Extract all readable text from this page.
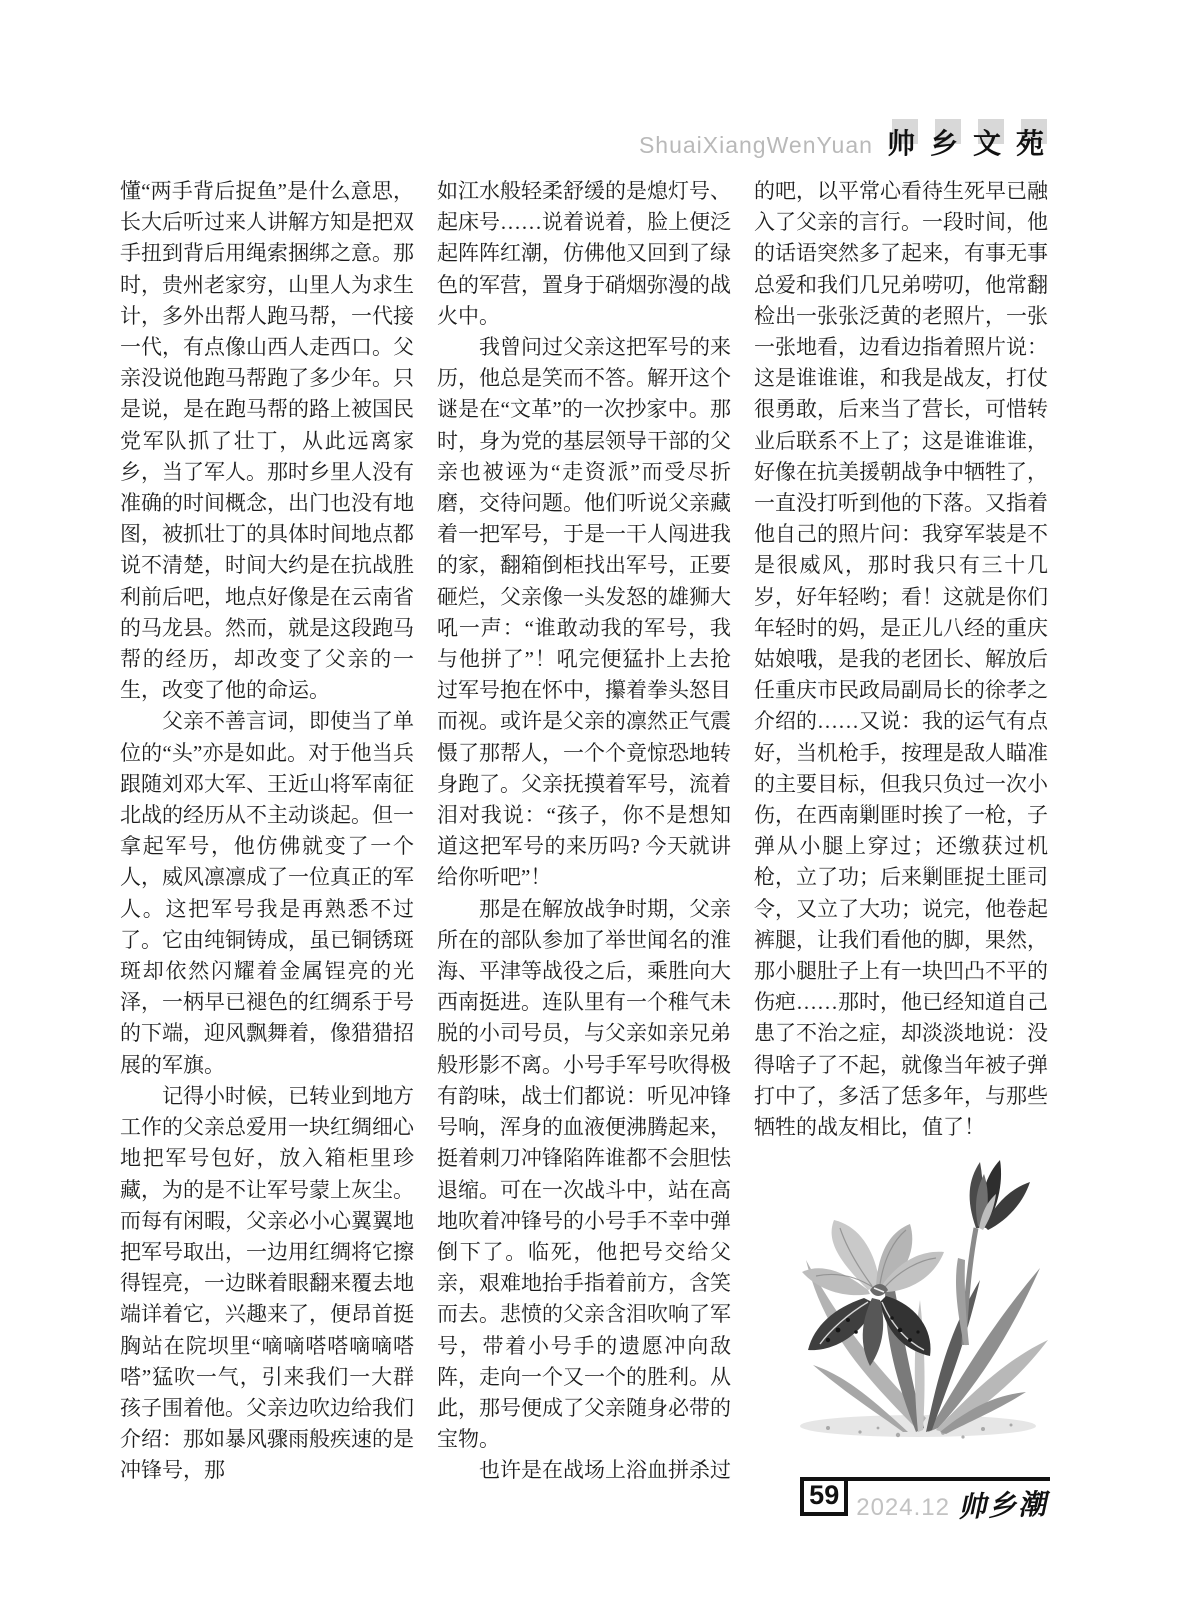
ShuaiXiangWenYuan 帅 乡 文 苑

懂“两手背后捉鱼”是什么意思，长大后听过来人讲解方知是把双手扭到背后用绳索捆绑之意。那时，贵州老家穷，山里人为求生计，多外出帮人跑马帮，一代接一代，有点像山西人走西口。父亲没说他跑马帮跑了多少年。只是说，是在跑马帮的路上被国民党军队抓了壮丁，从此远离家乡，当了军人。那时乡里人没有准确的时间概念，出门也没有地图，被抓壮丁的具体时间地点都说不清楚，时间大约是在抗战胜利前后吧，地点好像是在云南省的马龙县。然而，就是这段跑马帮的经历，却改变了父亲的一生，改变了他的命运。

父亲不善言词，即使当了单位的“头”亦是如此。对于他当兵跟随刘邓大军、王近山将军南征北战的经历从不主动谈起。但一拿起军号，他仿佛就变了一个人，威风凛凛成了一位真正的军人。这把军号我是再熟悉不过了。它由纯铜铸成，虽已铜锈斑斑却依然闪耀着金属锃亮的光泽，一柄早已褪色的红绸系于号的下端，迎风飘舞着，像猎猎招展的军旗。

记得小时候，已转业到地方工作的父亲总爱用一块红绸细心地把军号包好，放入箱柜里珍藏，为的是不让军号蒙上灰尘。而每有闲暇，父亲必小心翼翼地把军号取出，一边用红绸将它擦得锃亮，一边眯着眼翻来覆去地端详着它，兴趣来了，便昂首挺胸站在院坝里“嘀嘀嗒嗒嘀嘀嗒嗒”猛吹一气，引来我们一大群孩子围着他。父亲边吹边给我们介绍：那如暴风骤雨般疾速的是冲锋号，那

如江水般轻柔舒缓的是熄灯号、起床号……说着说着，脸上便泛起阵阵红潮，仿佛他又回到了绿色的军营，置身于硝烟弥漫的战火中。

我曾问过父亲这把军号的来历，他总是笑而不答。解开这个谜是在“文革”的一次抄家中。那时，身为党的基层领导干部的父亲也被诬为“走资派”而受尽折磨，交待问题。他们听说父亲藏着一把军号，于是一干人闯进我的家，翻箱倒柜找出军号，正要砸烂，父亲像一头发怒的雄狮大吼一声：“谁敢动我的军号，我与他拼了”！吼完便猛扑上去抢过军号抱在怀中，攥着拳头怒目而视。或许是父亲的凛然正气震慑了那帮人，一个个竟惊恐地转身跑了。父亲抚摸着军号，流着泪对我说：“孩子，你不是想知道这把军号的来历吗? 今天就讲给你听吧”！

那是在解放战争时期，父亲所在的部队参加了举世闻名的淮海、平津等战役之后，乘胜向大西南挺进。连队里有一个稚气未脱的小司号员，与父亲如亲兄弟般形影不离。小号手军号吹得极有韵味，战士们都说：听见冲锋号响，浑身的血液便沸腾起来，挺着刺刀冲锋陷阵谁都不会胆怯退缩。可在一次战斗中，站在高地吹着冲锋号的小号手不幸中弹倒下了。临死，他把号交给父亲，艰难地抬手指着前方，含笑而去。悲愤的父亲含泪吹响了军号，带着小号手的遗愿冲向敌阵，走向一个又一个的胜利。从此，那号便成了父亲随身必带的宝物。

也许是在战场上浴血拼杀过

的吧，以平常心看待生死早已融入了父亲的言行。一段时间，他的话语突然多了起来，有事无事总爱和我们几兄弟唠叨，他常翻检出一张张泛黄的老照片，一张一张地看，边看边指着照片说：这是谁谁谁，和我是战友，打仗很勇敢，后来当了营长，可惜转业后联系不上了；这是谁谁谁，好像在抗美援朝战争中牺牲了，一直没打听到他的下落。又指着他自己的照片问：我穿军装是不是很威风，那时我只有三十几岁，好年轻哟；看！这就是你们年轻时的妈，是正儿八经的重庆姑娘哦，是我的老团长、解放后任重庆市民政局副局长的徐孝之介绍的……又说：我的运气有点好，当机枪手，按理是敌人瞄准的主要目标，但我只负过一次小伤，在西南剿匪时挨了一枪，子弹从小腿上穿过；还缴获过机枪，立了功；后来剿匪捉土匪司令，又立了大功；说完，他卷起裤腿，让我们看他的脚，果然，那小腿肚子上有一块凹凸不平的伤疤……那时，他已经知道自己患了不治之症，却淡淡地说：没得啥子了不起，就像当年被子弹打中了，多活了恁多年，与那些牺牲的战友相比，值了！

59 2024.12 帅乡潮
